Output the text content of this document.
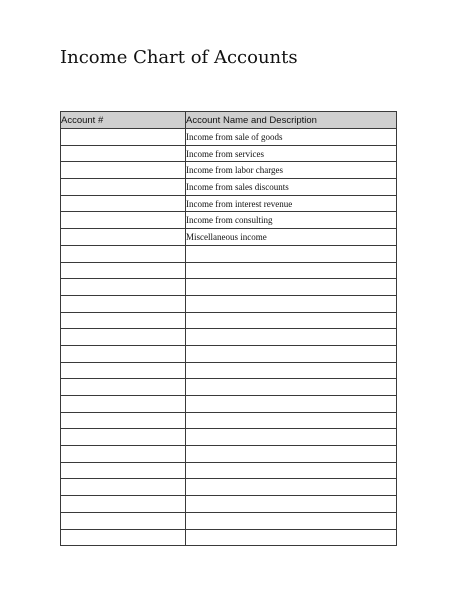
Income Chart of Accounts
Account #	Account Name and Description
	Income from sale of goods
	Income from services
	Income from labor charges
	Income from sales discounts
	Income from interest revenue
	Income from consulting
	Miscellaneous income
